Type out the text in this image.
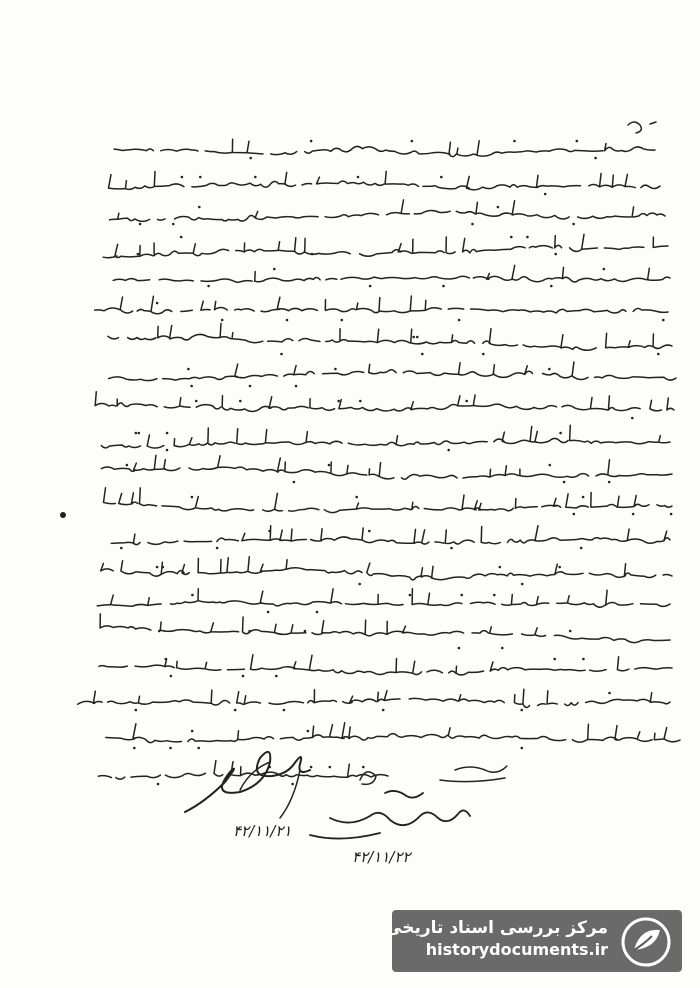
۴۲/۱۱/۲۱
۴۲/۱۱/۲۲
مرکز بررسی اسناد تاریخی
historydocuments.ir
